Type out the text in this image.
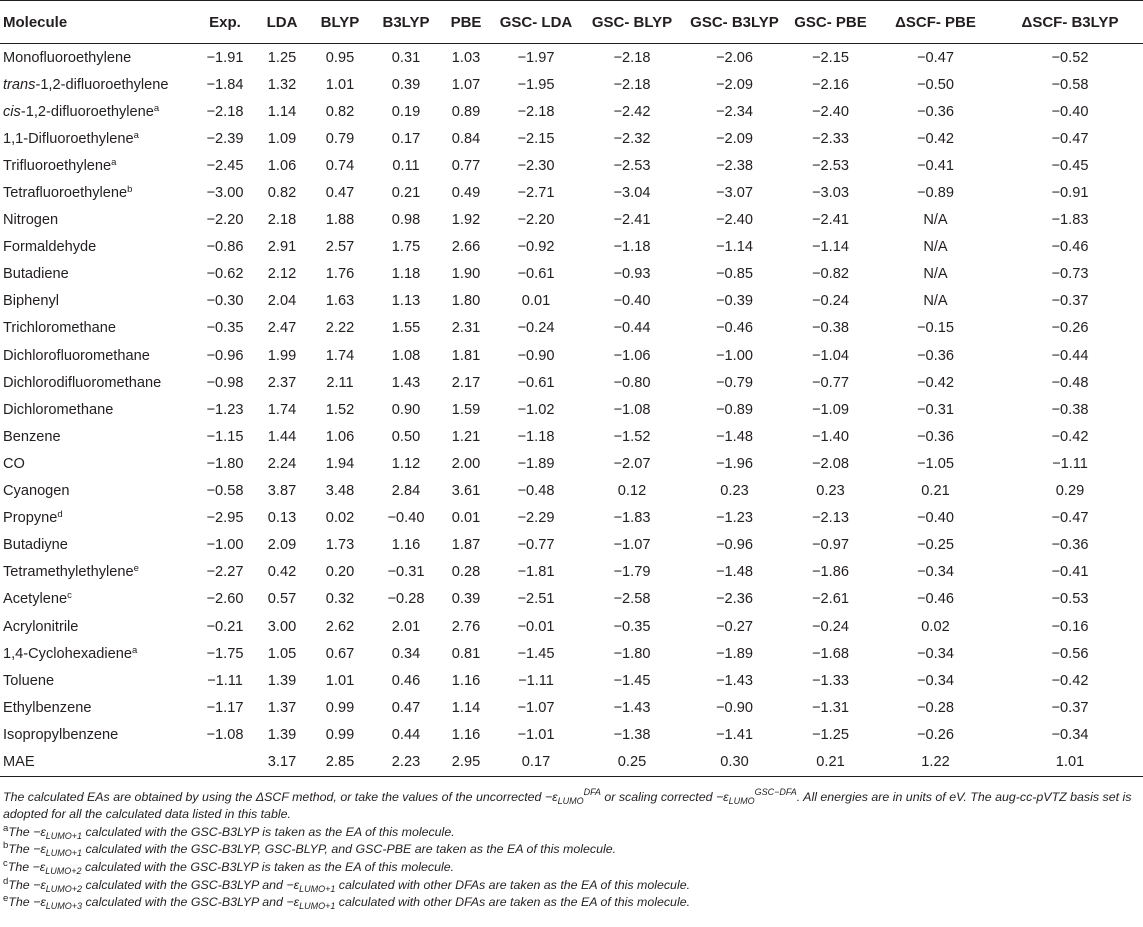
Molecule	Exp.	LDA	BLYP	B3LYP	PBE	GSC- LDA	GSC- BLYP	GSC- B3LYP	GSC- PBE	ΔSCF- PBE	ΔSCF- B3LYP
Monofluoroethylene	−1.91	1.25	0.95	0.31	1.03	−1.97	−2.18	−2.06	−2.15	−0.47	−0.52
trans-1,2-difluoroethylene	−1.84	1.32	1.01	0.39	1.07	−1.95	−2.18	−2.09	−2.16	−0.50	−0.58
cis-1,2-difluoroethylene$^a$	−2.18	1.14	0.82	0.19	0.89	−2.18	−2.42	−2.34	−2.40	−0.36	−0.40
1,1-Difluoroethylene$^a$	−2.39	1.09	0.79	0.17	0.84	−2.15	−2.32	−2.09	−2.33	−0.42	−0.47
Trifluoroethylene$^a$	−2.45	1.06	0.74	0.11	0.77	−2.30	−2.53	−2.38	−2.53	−0.41	−0.45
Tetrafluoroethylene$^b$	−3.00	0.82	0.47	0.21	0.49	−2.71	−3.04	−3.07	−3.03	−0.89	−0.91
Nitrogen	−2.20	2.18	1.88	0.98	1.92	−2.20	−2.41	−2.40	−2.41	N/A	−1.83
Formaldehyde	−0.86	2.91	2.57	1.75	2.66	−0.92	−1.18	−1.14	−1.14	N/A	−0.46
Butadiene	−0.62	2.12	1.76	1.18	1.90	−0.61	−0.93	−0.85	−0.82	N/A	−0.73
Biphenyl	−0.30	2.04	1.63	1.13	1.80	0.01	−0.40	−0.39	−0.24	N/A	−0.37
Trichloromethane	−0.35	2.47	2.22	1.55	2.31	−0.24	−0.44	−0.46	−0.38	−0.15	−0.26
Dichlorofluoromethane	−0.96	1.99	1.74	1.08	1.81	−0.90	−1.06	−1.00	−1.04	−0.36	−0.44
Dichlorodifluoromethane	−0.98	2.37	2.11	1.43	2.17	−0.61	−0.80	−0.79	−0.77	−0.42	−0.48
Dichloromethane	−1.23	1.74	1.52	0.90	1.59	−1.02	−1.08	−0.89	−1.09	−0.31	−0.38
Benzene	−1.15	1.44	1.06	0.50	1.21	−1.18	−1.52	−1.48	−1.40	−0.36	−0.42
CO	−1.80	2.24	1.94	1.12	2.00	−1.89	−2.07	−1.96	−2.08	−1.05	−1.11
Cyanogen	−0.58	3.87	3.48	2.84	3.61	−0.48	0.12	0.23	0.23	0.21	0.29
Propyne$^d$	−2.95	0.13	0.02	−0.40	0.01	−2.29	−1.83	−1.23	−2.13	−0.40	−0.47
Butadiyne	−1.00	2.09	1.73	1.16	1.87	−0.77	−1.07	−0.96	−0.97	−0.25	−0.36
Tetramethylethylene$^e$	−2.27	0.42	0.20	−0.31	0.28	−1.81	−1.79	−1.48	−1.86	−0.34	−0.41
Acetylene$^c$	−2.60	0.57	0.32	−0.28	0.39	−2.51	−2.58	−2.36	−2.61	−0.46	−0.53
Acrylonitrile	−0.21	3.00	2.62	2.01	2.76	−0.01	−0.35	−0.27	−0.24	0.02	−0.16
1,4-Cyclohexadiene$^a$	−1.75	1.05	0.67	0.34	0.81	−1.45	−1.80	−1.89	−1.68	−0.34	−0.56
Toluene	−1.11	1.39	1.01	0.46	1.16	−1.11	−1.45	−1.43	−1.33	−0.34	−0.42
Ethylbenzene	−1.17	1.37	0.99	0.47	1.14	−1.07	−1.43	−0.90	−1.31	−0.28	−0.37
Isopropylbenzene	−1.08	1.39	0.99	0.44	1.16	−1.01	−1.38	−1.41	−1.25	−0.26	−0.34
MAE		3.17	2.85	2.23	2.95	0.17	0.25	0.30	0.21	1.22	1.01

The calculated EAs are obtained by using the ΔSCF method, or take the values of the uncorrected $-\varepsilon_{LUMO}^{DFA}$ or scaling corrected $-\varepsilon_{LUMO}^{GSC-DFA}$. All energies are in units of eV. The aug-cc-pVTZ basis set is adopted for all the calculated data listed in this table.

$^aThe -\varepsilon_{LUMO+1}$ calculated with the GSC-B3LYP is taken as the EA of this molecule.

$^bThe -\varepsilon_{LUMO+1}$ calculated with the GSC-B3LYP, GSC-BLYP, and GSC-PBE are taken as the EA of this molecule.

$^cThe -\varepsilon_{LUMO+2}$ calculated with the GSC-B3LYP is taken as the EA of this molecule.

$^dThe -\varepsilon_{LUMO+2}$ calculated with the GSC-B3LYP and $-\varepsilon_{LUMO+1}$ calculated with other DFAs are taken as the EA of this molecule.

$^eThe -\varepsilon_{LUMO+3}$ calculated with the GSC-B3LYP and $-\varepsilon_{LUMO+1}$ calculated with other DFAs are taken as the EA of this molecule.
